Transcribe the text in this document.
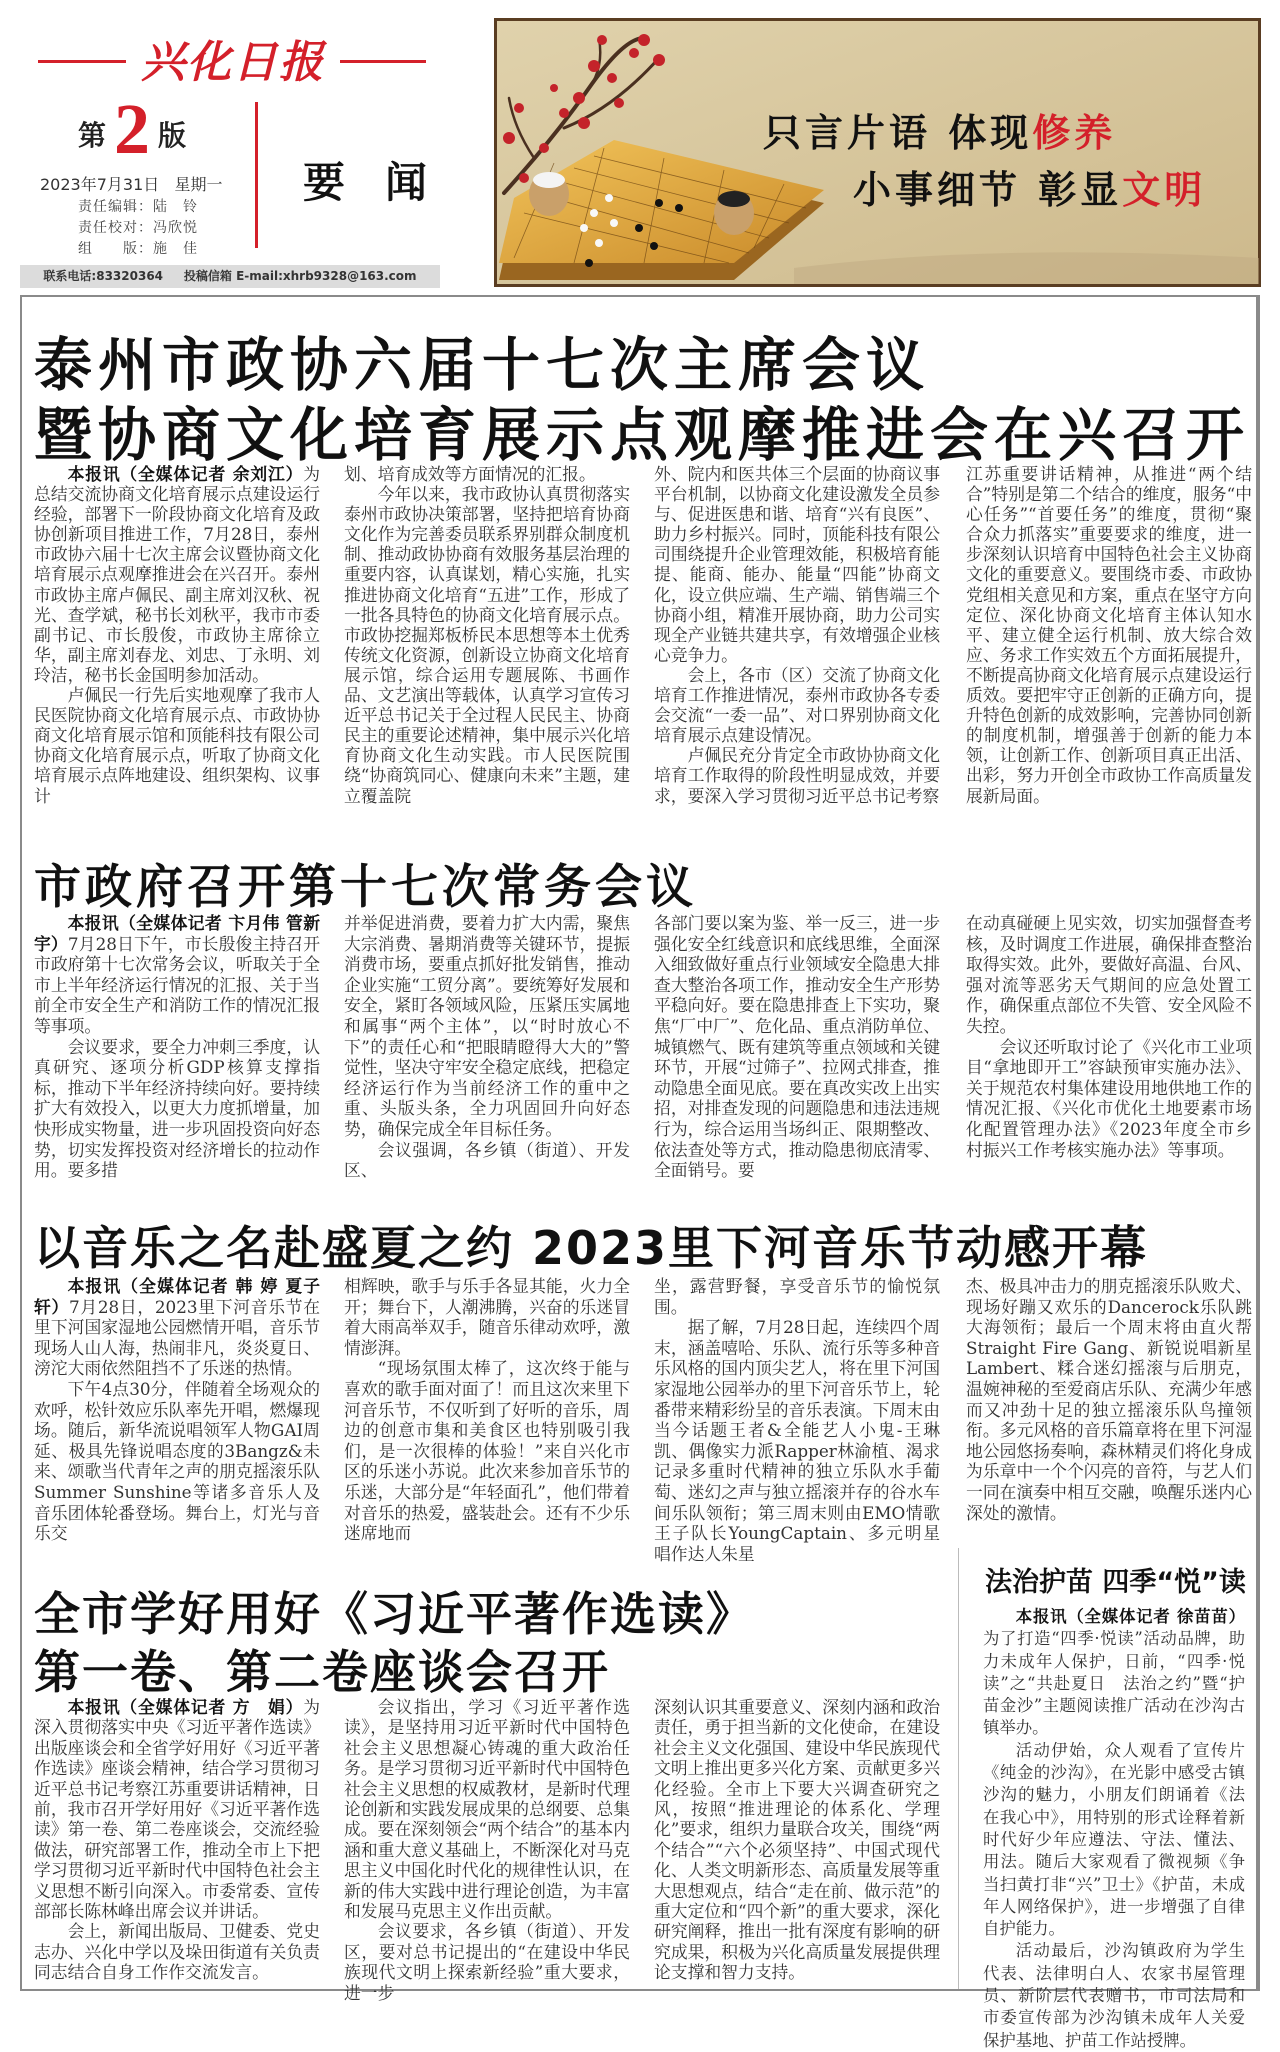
兴化日报
第 2 版
2023年7月31日   星期一
责任编辑：陆　铃
责任校对：冯欣悦
组　　版：施　佳
联系电话:83320364     投稿信箱 E-mail:xhrb9328@163.com
要闻
只言片语 体现修养
小事细节 彰显文明
泰州市政协六届十七次主席会议
暨协商文化培育展示点观摩推进会在兴召开

本报讯（全媒体记者 余刘江）为总结交流协商文化培育展示点建设运行经验，部署下一阶段协商文化培育及政协创新项目推进工作，7月28日，泰州市政协六届十七次主席会议暨协商文化培育展示点观摩推进会在兴召开。泰州市政协主席卢佩民、副主席刘汉秋、祝光、查学斌，秘书长刘秋平，我市市委副书记、市长殷俊，市政协主席徐立华，副主席刘春龙、刘忠、丁永明、刘玲洁，秘书长金国明参加活动。

卢佩民一行先后实地观摩了我市人民医院协商文化培育展示点、市政协协商文化培育展示馆和顶能科技有限公司协商文化培育展示点，听取了协商文化培育展示点阵地建设、组织架构、议事计

划、培育成效等方面情况的汇报。

今年以来，我市政协认真贯彻落实泰州市政协决策部署，坚持把培育协商文化作为完善委员联系界别群众制度机制、推动政协协商有效服务基层治理的重要内容，认真谋划，精心实施，扎实推进协商文化培育“五进”工作，形成了一批各具特色的协商文化培育展示点。市政协挖掘郑板桥民本思想等本土优秀传统文化资源，创新设立协商文化培育展示馆，综合运用专题展陈、书画作品、文艺演出等载体，认真学习宣传习近平总书记关于全过程人民民主、协商民主的重要论述精神，集中展示兴化培育协商文化生动实践。市人民医院围绕“协商筑同心、健康向未来”主题，建立覆盖院

外、院内和医共体三个层面的协商议事平台机制，以协商文化建设激发全员参与、促进医患和谐、培育“兴有良医”、助力乡村振兴。同时，顶能科技有限公司围绕提升企业管理效能，积极培育能提、能商、能办、能量“四能”协商文化，设立供应端、生产端、销售端三个协商小组，精准开展协商，助力公司实现全产业链共建共享，有效增强企业核心竞争力。

会上，各市（区）交流了协商文化培育工作推进情况，泰州市政协各专委会交流“一委一品”、对口界别协商文化培育展示点建设情况。

卢佩民充分肯定全市政协协商文化培育工作取得的阶段性明显成效，并要求，要深入学习贯彻习近平总书记考察

江苏重要讲话精神，从推进“两个结合”特别是第二个结合的维度，服务“中心任务”“首要任务”的维度，贯彻“聚合众力抓落实”重要要求的维度，进一步深刻认识培育中国特色社会主义协商文化的重要意义。要围绕市委、市政协党组相关意见和方案，重点在坚守方向定位、深化协商文化培育主体认知水平、建立健全运行机制、放大综合效应、务求工作实效五个方面拓展提升，不断提高协商文化培育展示点建设运行质效。要把牢守正创新的正确方向，提升特色创新的成效影响，完善协同创新的制度机制，增强善于创新的能力本领，让创新工作、创新项目真正出活、出彩，努力开创全市政协工作高质量发展新局面。

市政府召开第十七次常务会议

本报讯（全媒体记者 卞月伟 管新宇）7月28日下午，市长殷俊主持召开市政府第十七次常务会议，听取关于全市上半年经济运行情况的汇报、关于当前全市安全生产和消防工作的情况汇报等事项。

会议要求，要全力冲刺三季度，认真研究、逐项分析GDP核算支撑指标，推动下半年经济持续向好。要持续扩大有效投入，以更大力度抓增量，加快形成实物量，进一步巩固投资向好态势，切实发挥投资对经济增长的拉动作用。要多措

并举促进消费，要着力扩大内需，聚焦大宗消费、暑期消费等关键环节，提振消费市场，要重点抓好批发销售，推动企业实施“工贸分离”。要统筹好发展和安全，紧盯各领域风险，压紧压实属地和属事“两个主体”，以“时时放心不下”的责任心和“把眼睛瞪得大大的”警觉性，坚决守牢安全稳定底线，把稳定经济运行作为当前经济工作的重中之重、头版头条，全力巩固回升向好态势，确保完成全年目标任务。

会议强调，各乡镇（街道）、开发区、

各部门要以案为鉴、举一反三，进一步强化安全红线意识和底线思维，全面深入细致做好重点行业领域安全隐患大排查大整治各项工作，推动安全生产形势平稳向好。要在隐患排查上下实功，聚焦“厂中厂”、危化品、重点消防单位、城镇燃气、既有建筑等重点领域和关键环节，开展“过筛子”、拉网式排查，推动隐患全面见底。要在真改实改上出实招，对排查发现的问题隐患和违法违规行为，综合运用当场纠正、限期整改、依法查处等方式，推动隐患彻底清零、全面销号。要

在动真碰硬上见实效，切实加强督查考核，及时调度工作进展，确保排查整治取得实效。此外，要做好高温、台风、强对流等恶劣天气期间的应急处置工作，确保重点部位不失管、安全风险不失控。

会议还听取讨论了《兴化市工业项目“拿地即开工”容缺预审实施办法》、关于规范农村集体建设用地供地工作的情况汇报、《兴化市优化土地要素市场化配置管理办法》《2023年度全市乡村振兴工作考核实施办法》等事项。

以音乐之名赴盛夏之约 2023里下河音乐节动感开幕

本报讯（全媒体记者 韩 婷 夏子轩）7月28日，2023里下河音乐节在里下河国家湿地公园燃情开唱，音乐节现场人山人海，热闹非凡，炎炎夏日、滂沱大雨依然阻挡不了乐迷的热情。

下午4点30分，伴随着全场观众的欢呼，松针效应乐队率先开唱，燃爆现场。随后，新华流说唱领军人物GAI周延、极具先锋说唱态度的3Bangz&未来、颂歌当代青年之声的朋克摇滚乐队Summer Sunshine等诸多音乐人及音乐团体轮番登场。舞台上，灯光与音乐交

相辉映，歌手与乐手各显其能，火力全开；舞台下，人潮沸腾，兴奋的乐迷冒着大雨高举双手，随音乐律动欢呼，激情澎湃。

“现场氛围太棒了，这次终于能与喜欢的歌手面对面了！而且这次来里下河音乐节，不仅听到了好听的音乐，周边的创意市集和美食区也特别吸引我们，是一次很棒的体验！”来自兴化市区的乐迷小苏说。此次来参加音乐节的乐迷，大部分是“年轻面孔”，他们带着对音乐的热爱，盛装赴会。还有不少乐迷席地而

坐，露营野餐，享受音乐节的愉悦氛围。

据了解，7月28日起，连续四个周末，涵盖嘻哈、乐队、流行乐等多种音乐风格的国内顶尖艺人，将在里下河国家湿地公园举办的里下河音乐节上，轮番带来精彩纷呈的音乐表演。下周末由当今话题王者&全能艺人小鬼-王琳凯、偶像实力派Rapper林渝植、渴求记录多重时代精神的独立乐队水手葡萄、迷幻之声与独立摇滚并存的谷水车间乐队领衔；第三周末则由EMO情歌王子队长YoungCaptain、多元明星唱作达人朱星

杰、极具冲击力的朋克摇滚乐队败犬、现场好蹦又欢乐的Dancerock乐队跳大海领衔；最后一个周末将由直火帮Straight Fire Gang、新锐说唱新星Lambert、糅合迷幻摇滚与后朋克，温婉神秘的至爱商店乐队、充满少年感而又冲劲十足的独立摇滚乐队鸟撞领衔。多元风格的音乐篇章将在里下河湿地公园悠扬奏响，森林精灵们将化身成为乐章中一个个闪亮的音符，与艺人们一同在演奏中相互交融，唤醒乐迷内心深处的激情。

全市学好用好《习近平著作选读》
第一卷、第二卷座谈会召开

本报讯（全媒体记者 方　娟）为深入贯彻落实中央《习近平著作选读》出版座谈会和全省学好用好《习近平著作选读》座谈会精神，结合学习贯彻习近平总书记考察江苏重要讲话精神，日前，我市召开学好用好《习近平著作选读》第一卷、第二卷座谈会，交流经验做法，研究部署工作，推动全市上下把学习贯彻习近平新时代中国特色社会主义思想不断引向深入。市委常委、宣传部部长陈林峰出席会议并讲话。

会上，新闻出版局、卫健委、党史志办、兴化中学以及垛田街道有关负责同志结合自身工作作交流发言。

会议指出，学习《习近平著作选读》，是坚持用习近平新时代中国特色社会主义思想凝心铸魂的重大政治任务。是学习贯彻习近平新时代中国特色社会主义思想的权威教材，是新时代理论创新和实践发展成果的总纲要、总集成。要在深刻领会“两个结合”的基本内涵和重大意义基础上，不断深化对马克思主义中国化时代化的规律性认识，在新的伟大实践中进行理论创造，为丰富和发展马克思主义作出贡献。

会议要求，各乡镇（街道）、开发区，要对总书记提出的“在建设中华民族现代文明上探索新经验”重大要求，进一步

深刻认识其重要意义、深刻内涵和政治责任，勇于担当新的文化使命，在建设社会主义文化强国、建设中华民族现代文明上推出更多兴化方案、贡献更多兴化经验。全市上下要大兴调查研究之风，按照“推进理论的体系化、学理化”要求，组织力量联合攻关，围绕“两个结合”“六个必须坚持”、中国式现代化、人类文明新形态、高质量发展等重大思想观点，结合“走在前、做示范”的重大定位和“四个新”的重大要求，深化研究阐释，推出一批有深度有影响的研究成果，积极为兴化高质量发展提供理论支撑和智力支持。

法治护苗 四季“悦”读

本报讯（全媒体记者 徐苗苗）为了打造“四季·悦读”活动品牌，助力未成年人保护，日前，“四季·悦读”之“共赴夏日　法治之约”暨“护苗金沙”主题阅读推广活动在沙沟古镇举办。

活动伊始，众人观看了宣传片《纯金的沙沟》，在光影中感受古镇沙沟的魅力，小朋友们朗诵着《法在我心中》，用特别的形式诠释着新时代好少年应遵法、守法、懂法、用法。随后大家观看了微视频《争当扫黄打非“兴”卫士》《护苗，未成年人网络保护》，进一步增强了自律自护能力。

活动最后，沙沟镇政府为学生代表、法律明白人、农家书屋管理员、新阶层代表赠书，市司法局和市委宣传部为沙沟镇未成年人关爱保护基地、护苗工作站授牌。
